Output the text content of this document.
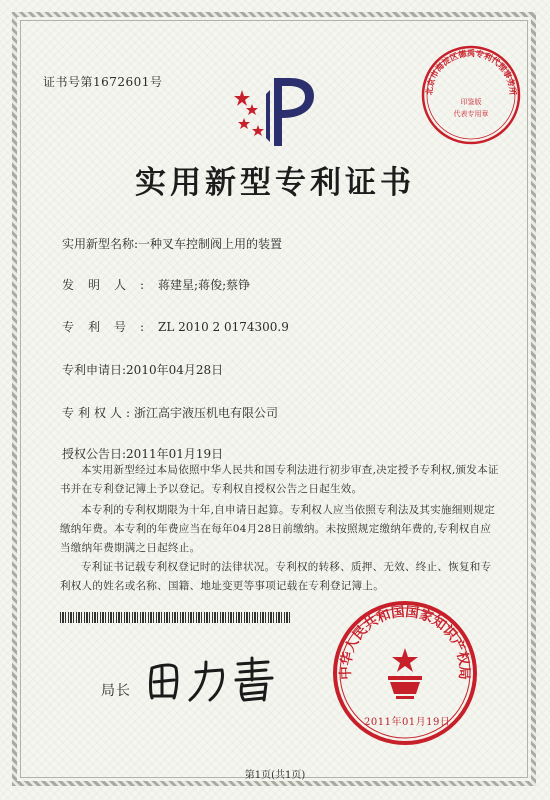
证书号第1672601号
北京市海淀区德禹专利代理事务所
印鉴版
代表专用章
实用新型专利证书
实用新型名称:一种叉车控制阀上用的装置
发明人:蒋建星;蒋俊;蔡铮
专利号:ZL 2010 2 0174300.9
专利申请日:2010年04月28日
专利权人:浙江高宇液压机电有限公司
授权公告日:2011年01月19日
本实用新型经过本局依照中华人民共和国专利法进行初步审查,决定授予专利权,颁发本证书并在专利登记簿上予以登记。专利权自授权公告之日起生效。
本专利的专利权期限为十年,自申请日起算。专利权人应当依照专利法及其实施细则规定缴纳年费。本专利的年费应当在每年04月28日前缴纳。未按照规定缴纳年费的,专利权自应当缴纳年费期满之日起终止。
专利证书记载专利权登记时的法律状况。专利权的转移、质押、无效、终止、恢复和专利权人的姓名或名称、国籍、地址变更等事项记载在专利登记簿上。
局长
中华人民共和国国家知识产权局
2011年01月19日
第1页(共1页)
